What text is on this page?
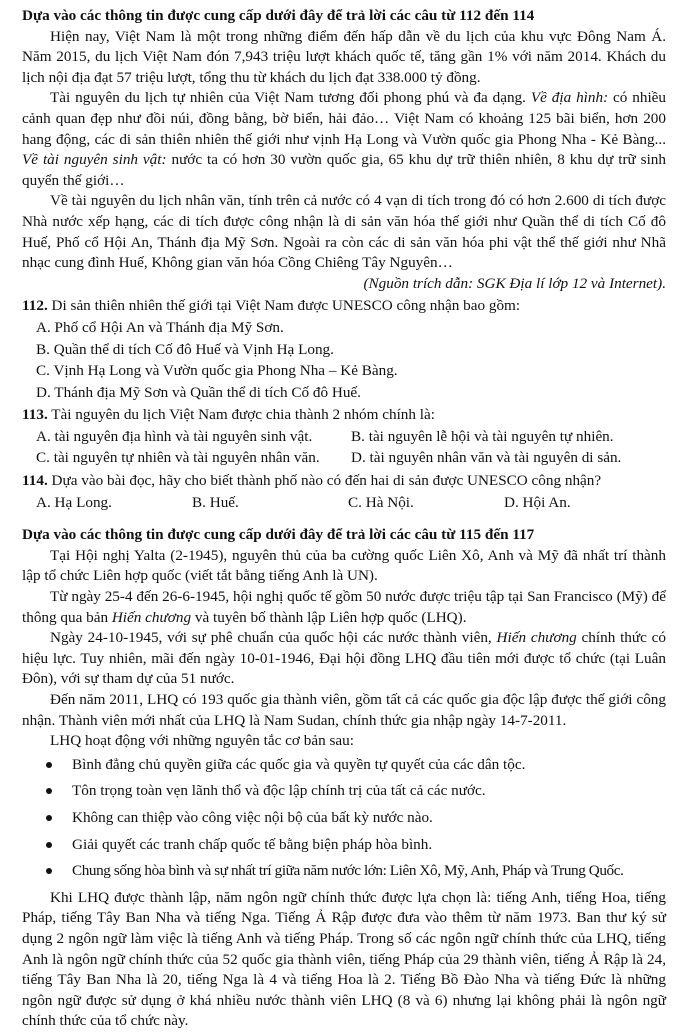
Dựa vào các thông tin được cung cấp dưới đây để trả lời các câu từ 112 đến 114

Hiện nay, Việt Nam là một trong những điểm đến hấp dẫn về du lịch của khu vực Đông Nam Á. Năm 2015, du lịch Việt Nam đón 7,943 triệu lượt khách quốc tế, tăng gần 1% với năm 2014. Khách du lịch nội địa đạt 57 triệu lượt, tổng thu từ khách du lịch đạt 338.000 tỷ đồng.

Tài nguyên du lịch tự nhiên của Việt Nam tương đối phong phú và đa dạng. Về địa hình: có nhiều cảnh quan đẹp như đồi núi, đồng bằng, bờ biển, hải đảo… Việt Nam có khoảng 125 bãi biển, hơn 200 hang động, các di sản thiên nhiên thế giới như vịnh Hạ Long và Vườn quốc gia Phong Nha - Kẻ Bàng... Về tài nguyên sinh vật: nước ta có hơn 30 vườn quốc gia, 65 khu dự trữ thiên nhiên, 8 khu dự trữ sinh quyển thế giới…

Về tài nguyên du lịch nhân văn, tính trên cả nước có 4 vạn di tích trong đó có hơn 2.600 di tích được Nhà nước xếp hạng, các di tích được công nhận là di sản văn hóa thế giới như Quần thể di tích Cố đô Huế, Phố cổ Hội An, Thánh địa Mỹ Sơn. Ngoài ra còn các di sản văn hóa phi vật thể thế giới như Nhã nhạc cung đình Huế, Không gian văn hóa Cồng Chiêng Tây Nguyên…

(Nguồn trích dẫn: SGK Địa lí lớp 12 và Internet).

112. Di sản thiên nhiên thế giới tại Việt Nam được UNESCO công nhận bao gồm:

A. Phố cổ Hội An và Thánh địa Mỹ Sơn.

B. Quần thể di tích Cố đô Huế và Vịnh Hạ Long.

C. Vịnh Hạ Long và Vườn quốc gia Phong Nha – Kẻ Bàng.

D. Thánh địa Mỹ Sơn và Quần thể di tích Cố đô Huế.

113. Tài nguyên du lịch Việt Nam được chia thành 2 nhóm chính là:

A. tài nguyên địa hình và tài nguyên sinh vật.	B. tài nguyên lễ hội và tài nguyên tự nhiên.
C. tài nguyên tự nhiên và tài nguyên nhân văn.	D. tài nguyên nhân văn và tài nguyên di sản.

114. Dựa vào bài đọc, hãy cho biết thành phố nào có đến hai di sản được UNESCO công nhận?

A. Hạ Long.	B. Huế.	C. Hà Nội.	D. Hội An.

Dựa vào các thông tin được cung cấp dưới đây để trả lời các câu từ 115 đến 117

Tại Hội nghị Yalta (2-1945), nguyên thủ của ba cường quốc Liên Xô, Anh và Mỹ đã nhất trí thành lập tổ chức Liên hợp quốc (viết tắt bằng tiếng Anh là UN).

Từ ngày 25-4 đến 26-6-1945, hội nghị quốc tế gồm 50 nước được triệu tập tại San Francisco (Mỹ) để thông qua bản Hiến chương và tuyên bố thành lập Liên hợp quốc (LHQ).

Ngày 24-10-1945, với sự phê chuẩn của quốc hội các nước thành viên, Hiến chương chính thức có hiệu lực. Tuy nhiên, mãi đến ngày 10-01-1946, Đại hội đồng LHQ đầu tiên mới được tổ chức (tại Luân Đôn), với sự tham dự của 51 nước.

Đến năm 2011, LHQ có 193 quốc gia thành viên, gồm tất cả các quốc gia độc lập được thế giới công nhận. Thành viên mới nhất của LHQ là Nam Sudan, chính thức gia nhập ngày 14-7-2011.

LHQ hoạt động với những nguyên tắc cơ bản sau:

Bình đẳng chủ quyền giữa các quốc gia và quyền tự quyết của các dân tộc.
Tôn trọng toàn vẹn lãnh thổ và độc lập chính trị của tất cả các nước.
Không can thiệp vào công việc nội bộ của bất kỳ nước nào.
Giải quyết các tranh chấp quốc tế bằng biện pháp hòa bình.
Chung sống hòa bình và sự nhất trí giữa năm nước lớn: Liên Xô, Mỹ, Anh, Pháp và Trung Quốc.

Khi LHQ được thành lập, năm ngôn ngữ chính thức được lựa chọn là: tiếng Anh, tiếng Hoa, tiếng Pháp, tiếng Tây Ban Nha và tiếng Nga. Tiếng Ả Rập được đưa vào thêm từ năm 1973. Ban thư ký sử dụng 2 ngôn ngữ làm việc là tiếng Anh và tiếng Pháp. Trong số các ngôn ngữ chính thức của LHQ, tiếng Anh là ngôn ngữ chính thức của 52 quốc gia thành viên, tiếng Pháp của 29 thành viên, tiếng Ả Rập là 24, tiếng Tây Ban Nha là 20, tiếng Nga là 4 và tiếng Hoa là 2. Tiếng Bồ Đào Nha và tiếng Đức là những ngôn ngữ được sử dụng ở khá nhiều nước thành viên LHQ (8 và 6) nhưng lại không phải là ngôn ngữ chính thức của tổ chức này.
